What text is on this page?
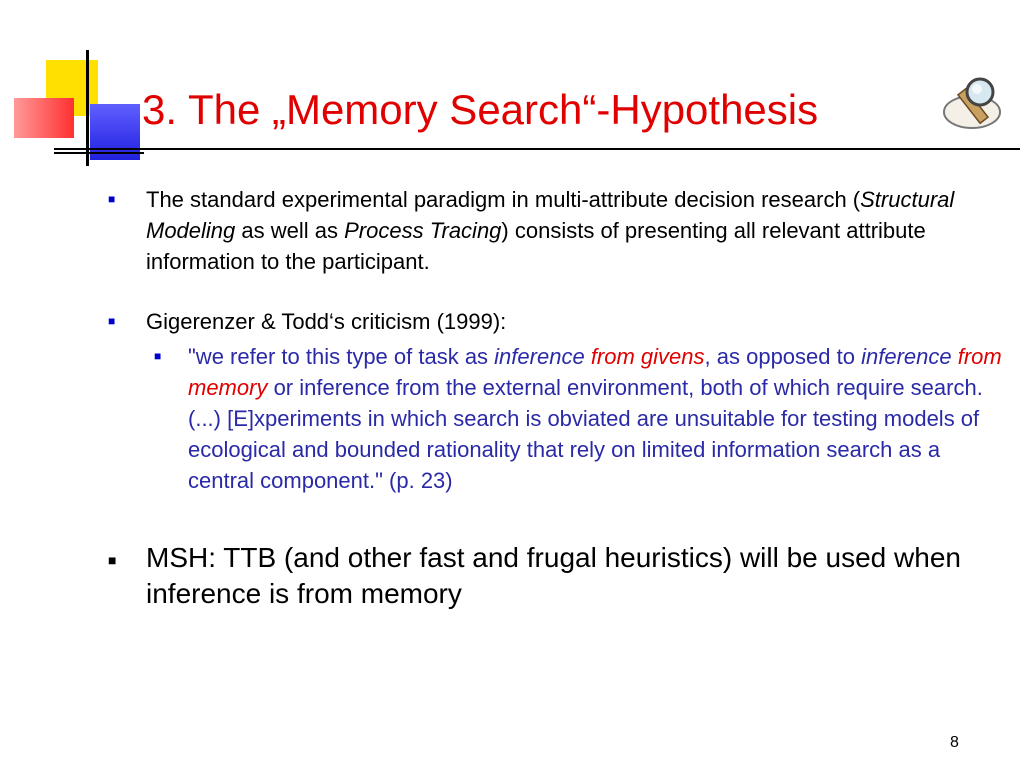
3. The „Memory Search“-Hypothesis
■ The standard experimental paradigm in multi-attribute decision research (Structural Modeling as well as Process Tracing) consists of presenting all relevant attribute information to the participant.
■ Gigerenzer & Todd‘s criticism (1999):
■ "we refer to this type of task as inference from givens, as opposed to inference from memory or inference from the external environment, both of which require search. (...) [E]xperiments in which search is obviated are unsuitable for testing models of ecological and bounded rationality that rely on limited information search as a central component." (p. 23)
■ MSH: TTB (and other fast and frugal heuristics) will be used when inference is from memory
8
